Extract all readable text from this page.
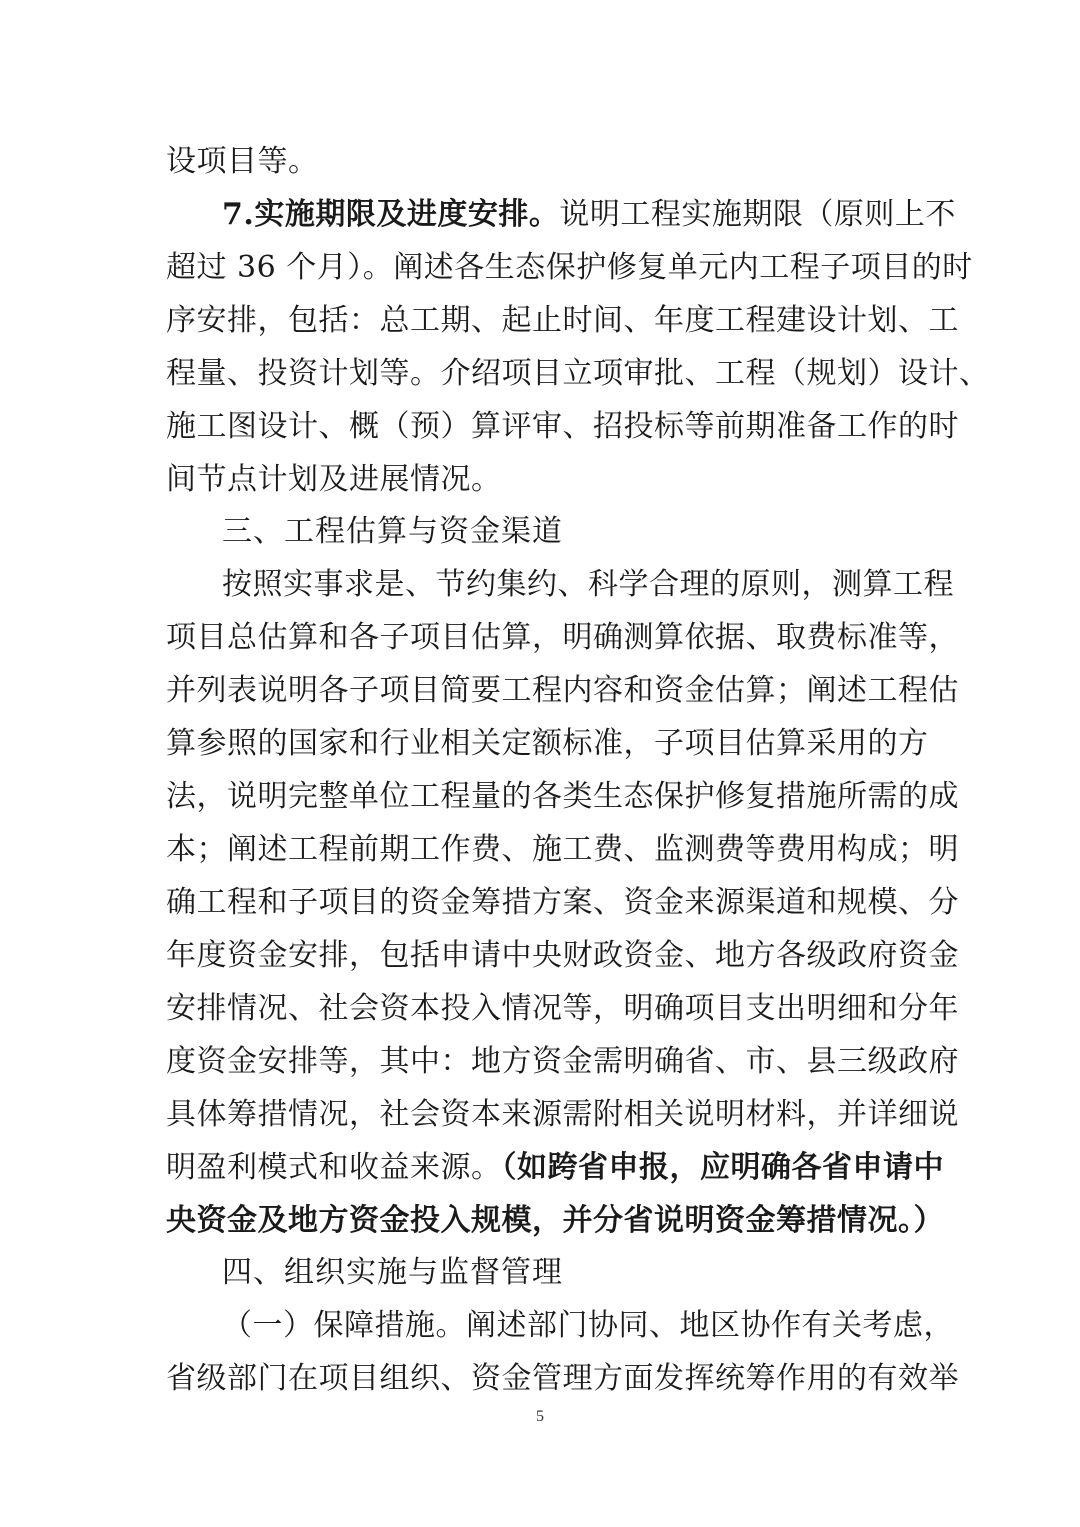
设项目等。
7.实施期限及进度安排。说明工程实施期限（原则上不
超过 36 个月）。阐述各生态保护修复单元内工程子项目的时
序安排，包括：总工期、起止时间、年度工程建设计划、工
程量、投资计划等。介绍项目立项审批、工程（规划）设计、
施工图设计、概（预）算评审、招投标等前期准备工作的时
间节点计划及进展情况。
三、工程估算与资金渠道
按照实事求是、节约集约、科学合理的原则，测算工程
项目总估算和各子项目估算，明确测算依据、取费标准等，
并列表说明各子项目简要工程内容和资金估算；阐述工程估
算参照的国家和行业相关定额标准，子项目估算采用的方
法，说明完整单位工程量的各类生态保护修复措施所需的成
本；阐述工程前期工作费、施工费、监测费等费用构成；明
确工程和子项目的资金筹措方案、资金来源渠道和规模、分
年度资金安排，包括申请中央财政资金、地方各级政府资金
安排情况、社会资本投入情况等，明确项目支出明细和分年
度资金安排等，其中：地方资金需明确省、市、县三级政府
具体筹措情况，社会资本来源需附相关说明材料，并详细说
明盈利模式和收益来源。（如跨省申报，应明确各省申请中
央资金及地方资金投入规模，并分省说明资金筹措情况。）
四、组织实施与监督管理
（一）保障措施。阐述部门协同、地区协作有关考虑，
省级部门在项目组织、资金管理方面发挥统筹作用的有效举
5
